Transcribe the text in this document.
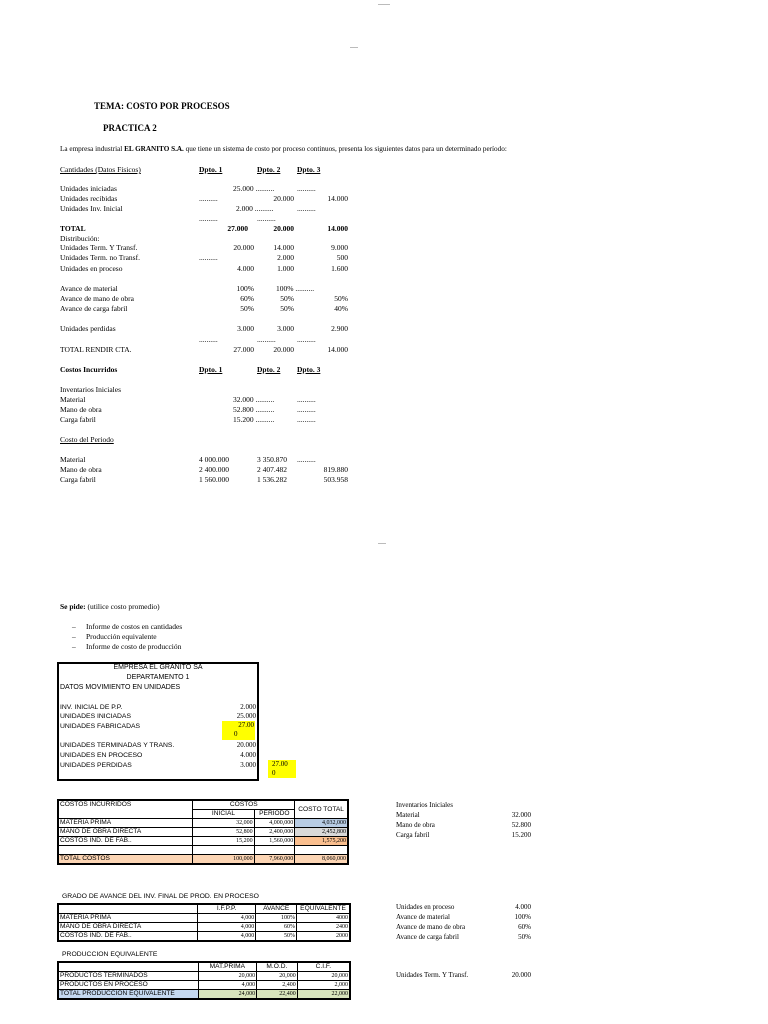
TEMA: COSTO POR PROCESOS
PRACTICA 2
La empresa industrial EL GRANITO S.A. que tiene un sistema de costo por proceso continuos, presenta los siguientes datos para un determinado período:
Cantidades (Datos Físicos)	Dpto. 1	Dpto. 2 Dpto. 3
Unidades iniciadas	25.000 ..........	..........
Unidades recibidas	..........	20.000	14.000
Unidades Inv. Inicial	2.000 ..........	..........
..........	..........
TOTAL	27.000	20.000	14.000
Distribución:
Unidades Term. Y Transf.	20.000	14.000	9.000
Unidades Term. no Transf.	..........	2.000	500
Unidades en proceso	4.000	1.000	1.600
Avance de material	100%	100% ..........
Avance de mano de obra	60%	50%	50%
Avance de carga fabril	50%	50%	40%
Unidades perdidas	3.000	3.000	2.900
..........	..........	..........
TOTAL RENDIR CTA.	27.000	20.000	14.000
Costos Incurridos	Dpto. 1	Dpto. 2 Dpto. 3
Inventarios Iniciales
Material	32.000 ..........	..........
Mano de obra	52.800 ..........	..........
Carga fabril	15.200 ..........	..........
Costo del Periodo
Material	4 000.000	3 350.870 ..........
Mano de obra	2 400.000	2 407.482	819.880
Carga fabril	1 560.000	1 536.282	503.958
Se pide: (utilice costo promedio)
– Informe de costos en cantidades
– Producción equivalente
– Informe de costo de producción
EMPRESA EL GRANITO SA
DEPARTAMENTO 1
DATOS MOVIMIENTO EN UNIDADES
INV. INICIAL DE P.P.	2.000
UNIDADES INICIADAS	25.000
UNIDADES FABRICADAS	27.00
0
UNIDADES TERMINADAS Y TRANS.	20.000
UNIDADES EN PROCESO	4.000
UNIDADES PERDIDAS	3.000	27.00
0
COSTOS INCURRIDOS	COSTOS		COSTO TOTAL
	INICIAL	PERIODO	
MATERIA PRIMA	32,000	4,000,000	4,032,000
MANO DE OBRA DIRECTA	52,800	2,400,000	2,452,800
COSTOS IND. DE FAB..	15,200	1,560,000	1,575,200

TOTAL COSTOS	100,000	7,960,000	8,060,000
Inventarios Iniciales
Material	32.000
Mano de obra	52.800
Carga fabril	15.200
GRADO DE AVANCE DEL INV. FINAL DE PROD. EN PROCESO
	I.F.P.P.	AVANCE	EQUIVALENTE
MATERIA PRIMA	4,000	100%	4000
MANO DE OBRA DIRECTA	4,000	60%	2400
COSTOS IND. DE FAB..	4,000	50%	2000
Unidades en proceso	4.000
Avance de material	100%
Avance de mano de obra	60%
Avance de carga fabril	50%
PRODUCCION EQUIVALENTE
	MAT.PRIMA	M.O.D.	C.I.F.
PRODUCTOS TERMINADOS	20,000	20,000	20,000
PRODUCTOS EN PROCESO	4,000	2,400	2,000
TOTAL PRODUCCION EQUIVALENTE	24,000	22,400	22,000
Unidades Term. Y Transf.	20.000
